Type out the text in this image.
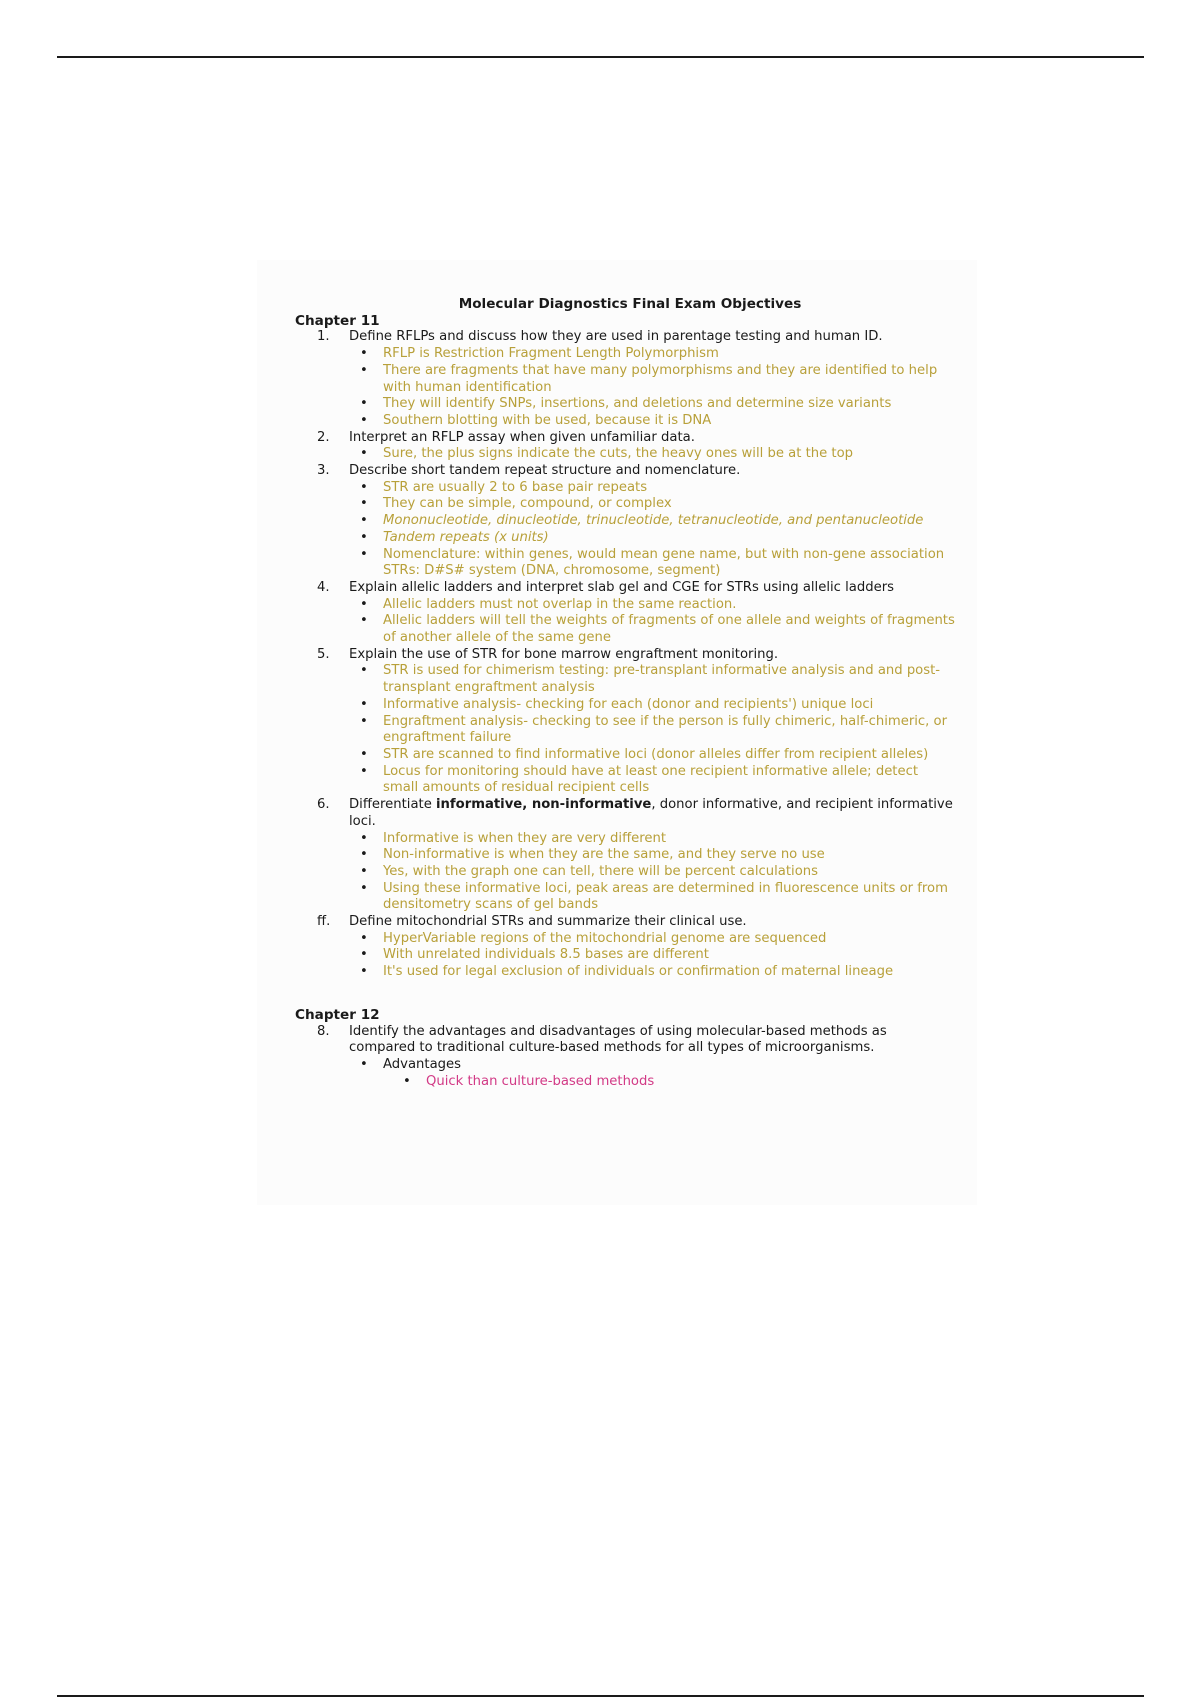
Molecular Diagnostics Final Exam Objectives
Chapter 11
1.	Define RFLPs and discuss how they are used in parentage testing and human ID.
•	RFLP is Restriction Fragment Length Polymorphism
•	There are fragments that have many polymorphisms and they are identified to help with human identification
•	They will identify SNPs, insertions, and deletions and determine size variants
•	Southern blotting with be used, because it is DNA
2.	Interpret an RFLP assay when given unfamiliar data.
•	Sure, the plus signs indicate the cuts, the heavy ones will be at the top
3.	Describe short tandem repeat structure and nomenclature.
•	STR are usually 2 to 6 base pair repeats
•	They can be simple, compound, or complex
•	Mononucleotide, dinucleotide, trinucleotide, tetranucleotide, and pentanucleotide
•	Tandem repeats (x units)
•	Nomenclature: within genes, would mean gene name, but with non-gene association STRs: D#S# system (DNA, chromosome, segment)
4.	Explain allelic ladders and interpret slab gel and CGE for STRs using allelic ladders
•	Allelic ladders must not overlap in the same reaction.
•	Allelic ladders will tell the weights of fragments of one allele and weights of fragments of another allele of the same gene
5.	Explain the use of STR for bone marrow engraftment monitoring.
•	STR is used for chimerism testing: pre-transplant informative analysis and and post-transplant engraftment analysis
•	Informative analysis- checking for each (donor and recipients') unique loci
•	Engraftment analysis- checking to see if the person is fully chimeric, half-chimeric, or engraftment failure
•	STR are scanned to find informative loci (donor alleles differ from recipient alleles)
•	Locus for monitoring should have at least one recipient informative allele; detect small amounts of residual recipient cells
6.	Differentiate informative, non-informative, donor informative, and recipient informative loci.
•	Informative is when they are very different
•	Non-informative is when they are the same, and they serve no use
•	Yes, with the graph one can tell, there will be percent calculations
•	Using these informative loci, peak areas are determined in fluorescence units or from densitometry scans of gel bands
ff.	Define mitochondrial STRs and summarize their clinical use.
•	HyperVariable regions of the mitochondrial genome are sequenced
•	With unrelated individuals 8.5 bases are different
•	It's used for legal exclusion of individuals or confirmation of maternal lineage
Chapter 12
8.	Identify the advantages and disadvantages of using molecular-based methods as compared to traditional culture-based methods for all types of microorganisms.
•	Advantages
•	Quick than culture-based methods
